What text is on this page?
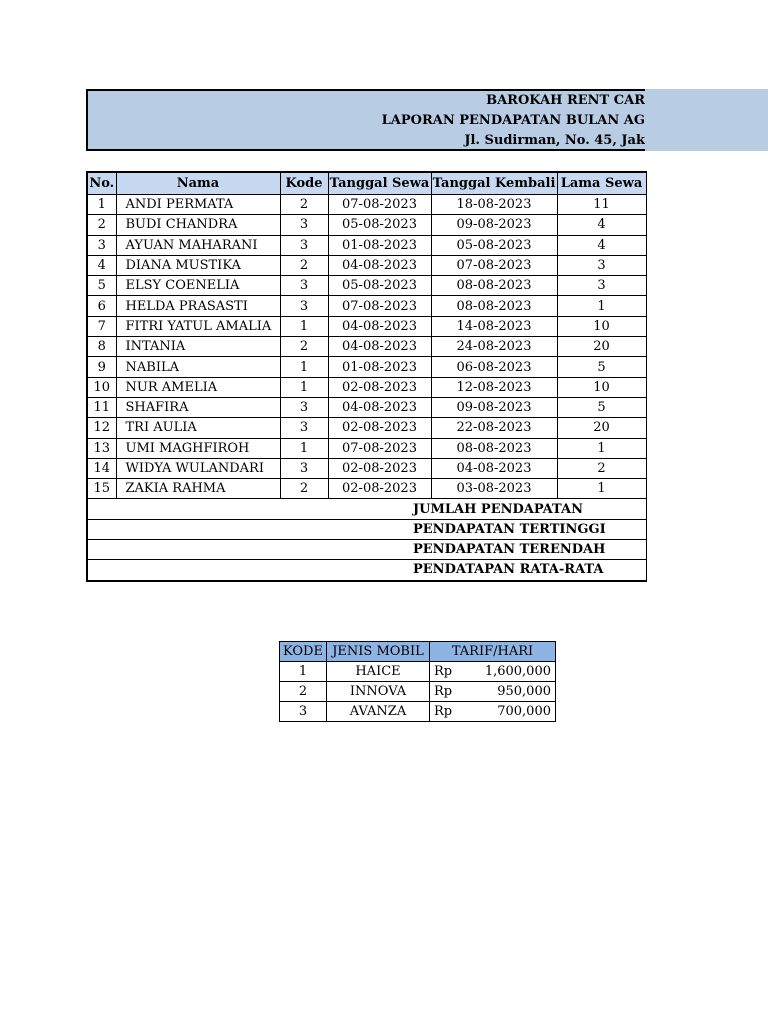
BAROKAH RENT CAR
LAPORAN PENDAPATAN BULAN AG
Jl. Sudirman, No. 45, Jak
No.	Nama	Kode	Tanggal Sewa	Tanggal Kembali	Lama Sewa
1	ANDI PERMATA	2	07-08-2023	18-08-2023	11
2	BUDI CHANDRA	3	05-08-2023	09-08-2023	4
3	AYUAN MAHARANI	3	01-08-2023	05-08-2023	4
4	DIANA MUSTIKA	2	04-08-2023	07-08-2023	3
5	ELSY COENELIA	3	05-08-2023	08-08-2023	3
6	HELDA PRASASTI	3	07-08-2023	08-08-2023	1
7	FITRI YATUL AMALIA	1	04-08-2023	14-08-2023	10
8	INTANIA	2	04-08-2023	24-08-2023	20
9	NABILA	1	01-08-2023	06-08-2023	5
10	NUR AMELIA	1	02-08-2023	12-08-2023	10
11	SHAFIRA	3	04-08-2023	09-08-2023	5
12	TRI AULIA	3	02-08-2023	22-08-2023	20
13	UMI MAGHFIROH	1	07-08-2023	08-08-2023	1
14	WIDYA WULANDARI	3	02-08-2023	04-08-2023	2
15	ZAKIA RAHMA	2	02-08-2023	03-08-2023	1
JUMLAH PENDAPATAN					
PENDAPATAN TERTINGGI					
PENDAPATAN TERENDAH					
PENDATAPAN RATA-RATA					
KODE	JENIS MOBIL	TARIF/HARI
1	HAICE	Rp 1,600,000

2	INNOVA	Rp 950,000

3	AVANZA	Rp 700,000
